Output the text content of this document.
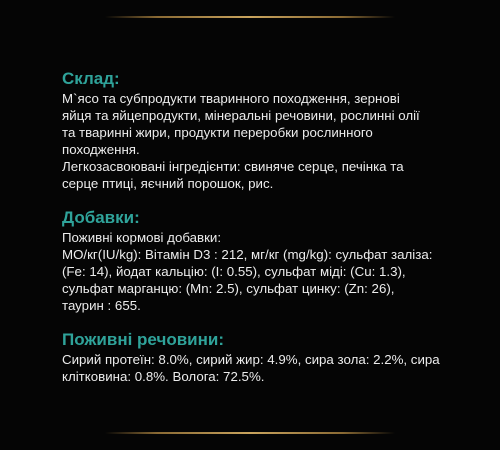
Склад:

М`ясо та субпродукти тваринного походження, зернові
яйця та яйцепродукти, мінеральні речовини, рослинні олії
та тваринні жири, продукти переробки рослинного
походження.
Легкозасвоювані інгредієнти: свиняче серце, печінка та
серце птиці, яєчний порошок, рис.

Добавки:

Поживні кормові добавки:
МО/кг(IU/kg): Вітамін D3 : 212, мг/кг (mg/kg): сульфат заліза:
(Fe: 14), йодат кальцію: (I: 0.55), сульфат міді: (Cu: 1.3),
сульфат марганцю: (Mn: 2.5), сульфат цинку: (Zn: 26),
таурин : 655.

Поживні речовини:

Сирий протеїн: 8.0%, сирий жир: 4.9%, сира зола: 2.2%, сира
клітковина: 0.8%. Волога: 72.5%.
